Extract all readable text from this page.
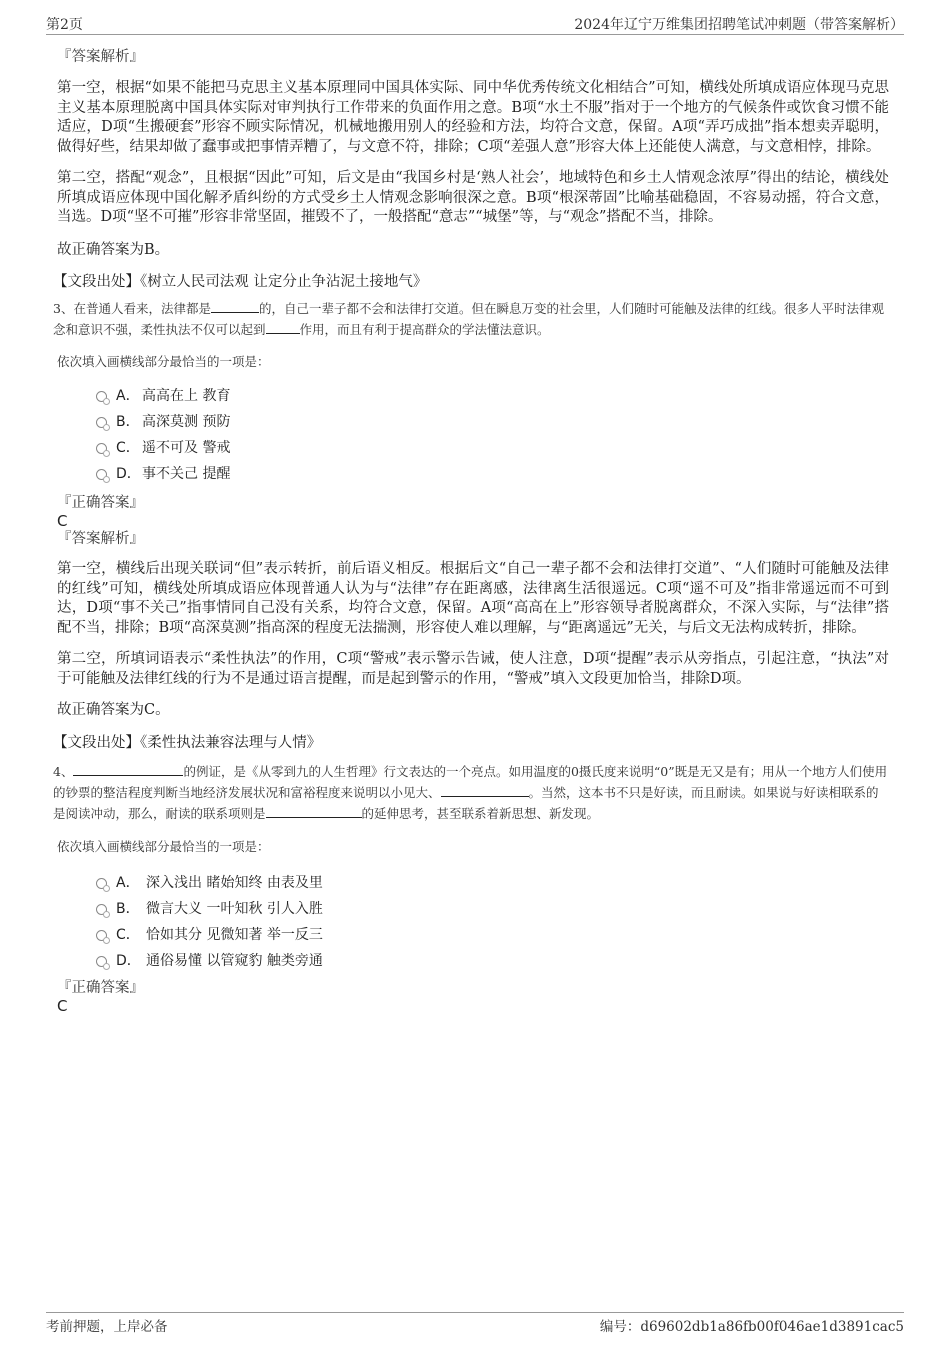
第2页	2024年辽宁万维集团招聘笔试冲刺题（带答案解析）

『答案解析』

第一空，根据“如果不能把马克思主义基本原理同中国具体实际、同中华优秀传统文化相结合”可知，横线处所填成语应体现马克思主义基本原理脱离中国具体实际对审判执行工作带来的负面作用之意。B项“水土不服”指对于一个地方的气候条件或饮食习惯不能适应，D项“生搬硬套”形容不顾实际情况，机械地搬用别人的经验和方法，均符合文意，保留。A项“弄巧成拙”指本想卖弄聪明，做得好些，结果却做了蠢事或把事情弄糟了，与文意不符，排除；C项“差强人意”形容大体上还能使人满意，与文意相悖，排除。

第二空，搭配“观念”，且根据“因此”可知，后文是由“我国乡村是‘熟人社会’，地域特色和乡土人情观念浓厚”得出的结论，横线处所填成语应体现中国化解矛盾纠纷的方式受乡土人情观念影响很深之意。B项“根深蒂固”比喻基础稳固，不容易动摇，符合文意，当选。D项“坚不可摧”形容非常坚固，摧毁不了，一般搭配“意志”“城堡”等，与“观念”搭配不当，排除。

故正确答案为B。

【文段出处】《树立人民司法观 让定分止争沾泥土接地气》

3、在普通人看来，法律都是	的，自己一辈子都不会和法律打交道。但在瞬息万变的社会里，人们随时可能触及法律的红线。很多人平时法律观念和意识不强，柔性执法不仅可以起到	作用，而且有利于提高群众的学法懂法意识。

依次填入画横线部分最恰当的一项是：

A． 高高在上 教育
B． 高深莫测 预防
C． 遥不可及 警戒
D．事不关己 提醒

『正确答案』

C

『答案解析』

第一空，横线后出现关联词“但”表示转折，前后语义相反。根据后文“自己一辈子都不会和法律打交道”、“人们随时可能触及法律的红线”可知，横线处所填成语应体现普通人认为与“法律”存在距离感，法律离生活很遥远。C项“遥不可及”指非常遥远而不可到达，D项“事不关己”指事情同自己没有关系，均符合文意，保留。A项“高高在上”形容领导者脱离群众，不深入实际，与“法律”搭配不当，排除；B项“高深莫测”指高深的程度无法揣测，形容使人难以理解，与“距离遥远”无关，与后文无法构成转折，排除。

第二空，所填词语表示“柔性执法”的作用，C项“警戒”表示警示告诫，使人注意，D项“提醒”表示从旁指点，引起注意，“执法”对于可能触及法律红线的行为不是通过语言提醒，而是起到警示的作用，“警戒”填入文段更加恰当，排除D项。

故正确答案为C。

【文段出处】《柔性执法兼容法理与人情》

4、	的例证，是《从零到九的人生哲理》行文表达的一个亮点。如用温度的0摄氏度来说明“0”既是无又是有；用从一个地方人们使用的钞票的整洁程度判断当地经济发展状况和富裕程度来说明以小见大、	。当然，这本书不只是好读，而且耐读。如果说与好读相联系的是阅读冲动，那么，耐读的联系项则是	的延伸思考，甚至联系着新思想、新发现。

依次填入画横线部分最恰当的一项是：

A． 深入浅出 睹始知终 由表及里
B． 微言大义 一叶知秋 引人入胜
C． 恰如其分 见微知著 举一反三
D． 通俗易懂 以管窥豹 触类旁通

『正确答案』

C

考前押题，上岸必备	编号：d69602db1a86fb00f046ae1d3891cac5
